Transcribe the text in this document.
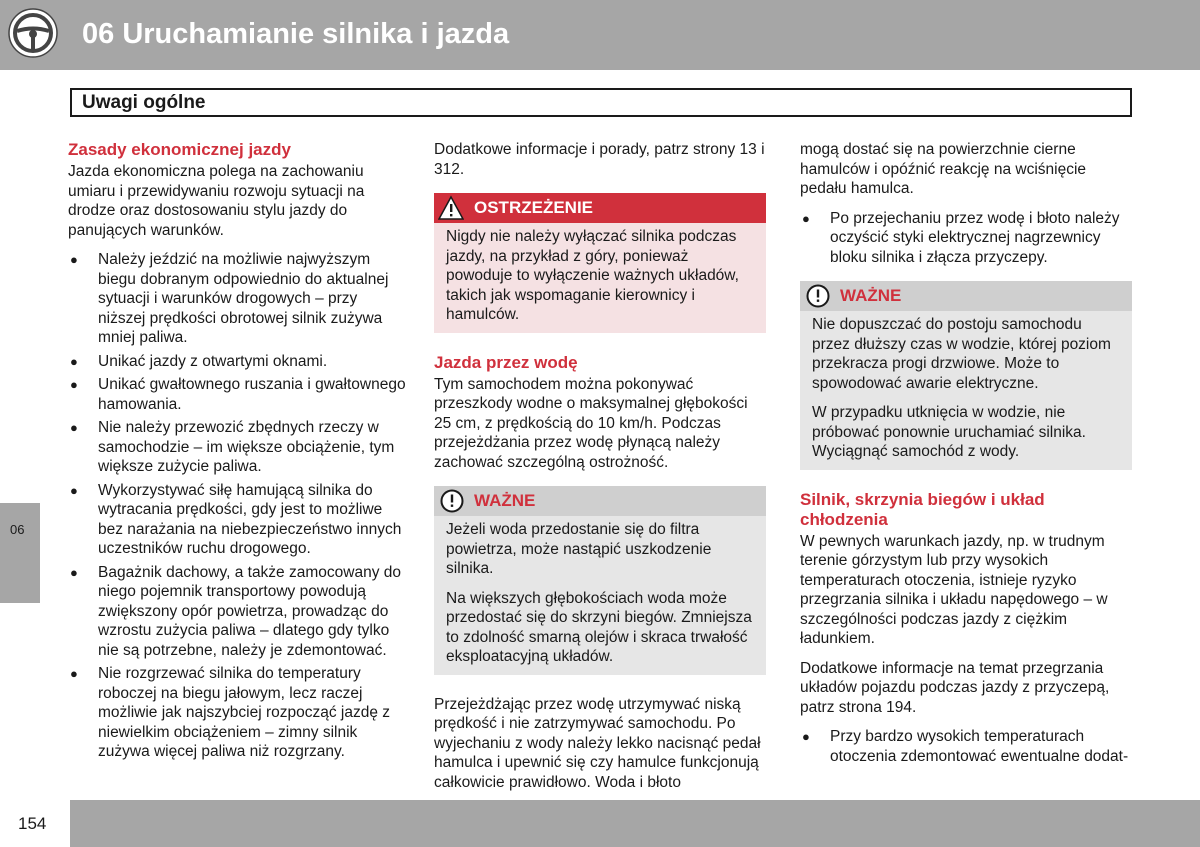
06 Uruchamianie silnika i jazda
Uwagi ogólne
06
Zasady ekonomicznej jazdy

Jazda ekonomiczna polega na zachowaniu umiaru i przewidywaniu rozwoju sytuacji na drodze oraz dostosowaniu stylu jazdy do panujących warunków.

● Należy jeździć na możliwie najwyższym biegu dobranym odpowiednio do aktualnej sytuacji i warunków drogowych – przy niższej prędkości obrotowej silnik zużywa mniej paliwa.
● Unikać jazdy z otwartymi oknami.
● Unikać gwałtownego ruszania i gwałtownego hamowania.
● Nie należy przewozić zbędnych rzeczy w samochodzie – im większe obciążenie, tym większe zużycie paliwa.
● Wykorzystywać siłę hamującą silnika do wytracania prędkości, gdy jest to możliwe bez narażania na niebezpieczeństwo innych uczestników ruchu drogowego.
● Bagażnik dachowy, a także zamocowany do niego pojemnik transportowy powodują zwiększony opór powietrza, prowadząc do wzrostu zużycia paliwa – dlatego gdy tylko nie są potrzebne, należy je zdemontować.
● Nie rozgrzewać silnika do temperatury roboczej na biegu jałowym, lecz raczej możliwie jak najszybciej rozpocząć jazdę z niewielkim obciążeniem – zimny silnik zużywa więcej paliwa niż rozgrzany.

Dodatkowe informacje i porady, patrz strony 13 i 312.

OSTRZEŻENIE
Nigdy nie należy wyłączać silnika podczas jazdy, na przykład z góry, ponieważ powoduje to wyłączenie ważnych układów, takich jak wspomaganie kierownicy i hamulców.
Jazda przez wodę

Tym samochodem można pokonywać przeszkody wodne o maksymalnej głębokości 25 cm, z prędkością do 10 km/h. Podczas przejeżdżania przez wodę płynącą należy zachować szczególną ostrożność.

WAŻNE

Jeżeli woda przedostanie się do filtra powietrza, może nastąpić uszkodzenie silnika.

Na większych głębokościach woda może przedostać się do skrzyni biegów. Zmniejsza to zdolność smarną olejów i skraca trwałość eksploatacyjną układów.

Przejeżdżając przez wodę utrzymywać niską prędkość i nie zatrzymywać samochodu. Po wyjechaniu z wody należy lekko nacisnąć pedał hamulca i upewnić się czy hamulce funkcjonują całkowicie prawidłowo. Woda i błoto

mogą dostać się na powierzchnie cierne hamulców i opóźnić reakcję na wciśnięcie pedału hamulca.

● Po przejechaniu przez wodę i błoto należy oczyścić styki elektrycznej nagrzewnicy bloku silnika i złącza przyczepy.
WAŻNE

Nie dopuszczać do postoju samochodu przez dłuższy czas w wodzie, której poziom przekracza progi drzwiowe. Może to spowodować awarie elektryczne.

W przypadku utknięcia w wodzie, nie próbować ponownie uruchamiać silnika. Wyciągnąć samochód z wody.
Silnik, skrzynia biegów i układ chłodzenia

W pewnych warunkach jazdy, np. w trudnym terenie górzystym lub przy wysokich temperaturach otoczenia, istnieje ryzyko przegrzania silnika i układu napędowego – w szczególności podczas jazdy z ciężkim ładunkiem.

Dodatkowe informacje na temat przegrzania układów pojazdu podczas jazdy z przyczepą, patrz strona 194.

● Przy bardzo wysokich temperaturach otoczenia zdemontować ewentualne dodat-
154
